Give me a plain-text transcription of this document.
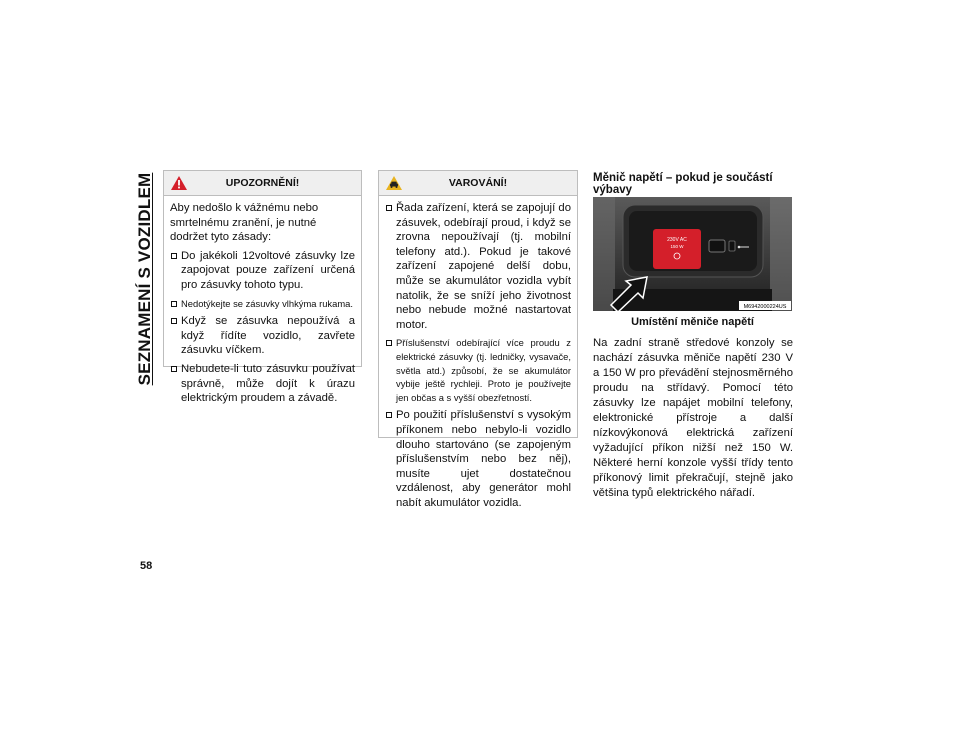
SEZNAMENÍ S VOZIDLEM
58
UPOZORNĚNÍ!

Aby nedošlo k vážnému nebo smrtelnému zranění, je nutné dodržet tyto zásady:

Do jakékoli 12voltové zásuvky lze zapojovat pouze zařízení určená pro zásuvky tohoto typu.
Nedotýkejte se zásuvky vlhkýma rukama.
Když se zásuvka nepoužívá a když řídíte vozidlo, zavřete zásuvku víčkem.
Nebudete-li tuto zásuvku používat správně, může dojít k úrazu elektrickým proudem a závadě.
VAROVÁNÍ!
Řada zařízení, která se zapojují do zásuvek, odebírají proud, i když se zrovna nepoužívají (tj. mobilní telefony atd.). Pokud je takové zařízení zapojené delší dobu, může se akumulátor vozidla vybít natolik, že se sníží jeho životnost nebo nebude možné nastartovat motor.
Příslušenství odebírající více proudu z elektrické zásuvky (tj. ledničky, vysavače, světla atd.) způsobí, že se akumulátor vybije ještě rychleji. Proto je používejte jen občas a s vyšší obezřetností.
Po použití příslušenství s vysokým příkonem nebo nebylo-li vozidlo dlouho startováno (se zapojeným příslušenstvím nebo bez něj), musíte ujet dostatečnou vzdálenost, aby generátor mohl nabít akumulátor vozidla.
Měnič napětí – pokud je součástí výbavy
230V AC
150 W
M6942000224US
Umístění měniče napětí

Na zadní straně středové konzoly se nachází zásuvka měniče napětí 230 V a 150 W pro převádění stejnosměrného proudu na střídavý. Pomocí této zásuvky lze napájet mobilní telefony, elektronické přístroje a další nízkovýkonová elektrická zařízení vyžadující příkon nižší než 150 W. Některé herní konzole vyšší třídy tento příkonový limit překračují, stejně jako většina typů elektrického nářadí.
